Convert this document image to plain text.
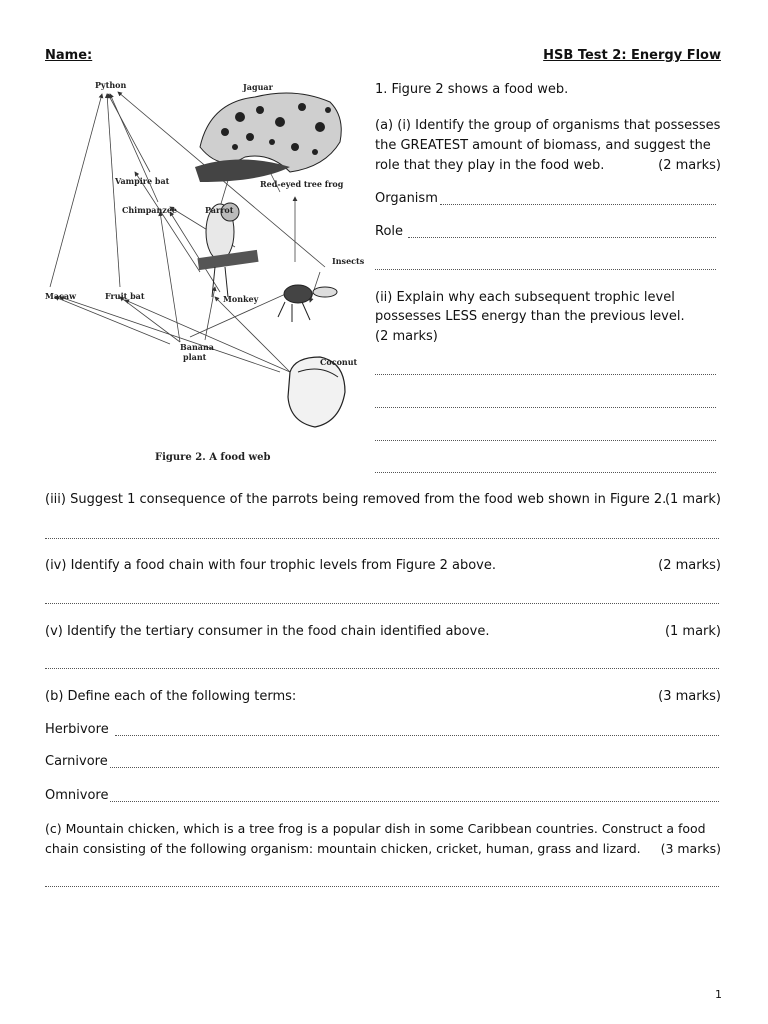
Name:	HSB Test 2: Energy Flow
Python	Jaguar
Vampire bat	Red-eyed tree frog
Chimpanzee	Parrot
Insects
Macaw	Fruit bat	Monkey
Banana
plant	Coconut
Figure 2. A food web
1. Figure 2 shows a food web.
(a) (i) Identify the group of organisms that possesses
the GREATEST amount of biomass, and suggest the
role that they play in the food web.	(2 marks)
Organism
Role
(ii) Explain why each subsequent trophic level
possesses LESS energy than the previous level.
(2 marks)
(iii) Suggest 1 consequence of the parrots being removed from the food web shown in Figure 2.
(1 mark)
(iv) Identify a food chain with four trophic levels from Figure 2 above.	(2 marks)
(v) Identify the tertiary consumer in the food chain identified above.	(1 mark)
(b) Define each of the following terms:	(3 marks)
Herbivore
Carnivore
Omnivore
(c) Mountain chicken, which is a tree frog is a popular dish in some Caribbean countries. Construct a food
chain consisting of the following organism: mountain chicken, cricket, human, grass and lizard. (3 marks)
1
